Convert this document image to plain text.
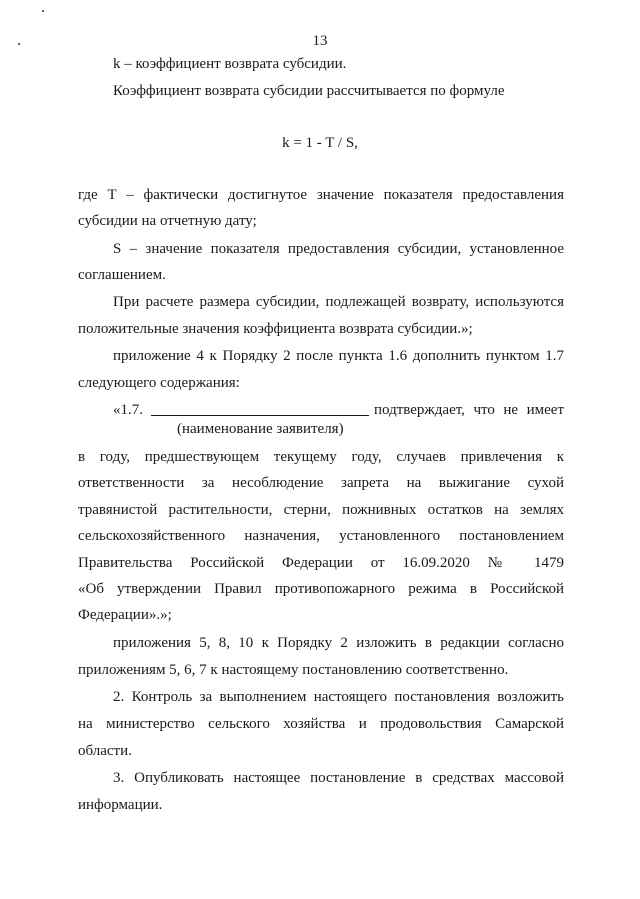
13
k – коэффициент возврата субсидии.
Коэффициент возврата субсидии рассчитывается по формуле
k = 1 - T / S,
где T – фактически достигнутое значение показателя предоставления
субсидии на отчетную дату;
S – значение показателя предоставления субсидии, установленное
соглашением.
При расчете размера субсидии, подлежащей возврату, используются
положительные значения коэффициента возврата субсидии.»;
приложение 4 к Порядку 2 после пункта 1.6 дополнить пунктом 1.7
следующего содержания:
«1.7.	подтверждает, что не имеет
(наименование заявителя)
в году, предшествующем текущему году, случаев привлечения к
ответственности за несоблюдение запрета на выжигание сухой
травянистой растительности, стерни, пожнивных остатков на землях
сельскохозяйственного назначения, установленного постановлением
Правительства Российской Федерации от 16.09.2020 № 1479
«Об утверждении Правил противопожарного режима в Российской
Федерации».»;
приложения 5, 8, 10 к Порядку 2 изложить в редакции согласно
приложениям 5, 6, 7 к настоящему постановлению соответственно.
2. Контроль за выполнением настоящего постановления возложить
на министерство сельского хозяйства и продовольствия Самарской
области.
3. Опубликовать настоящее постановление в средствах массовой
информации.
